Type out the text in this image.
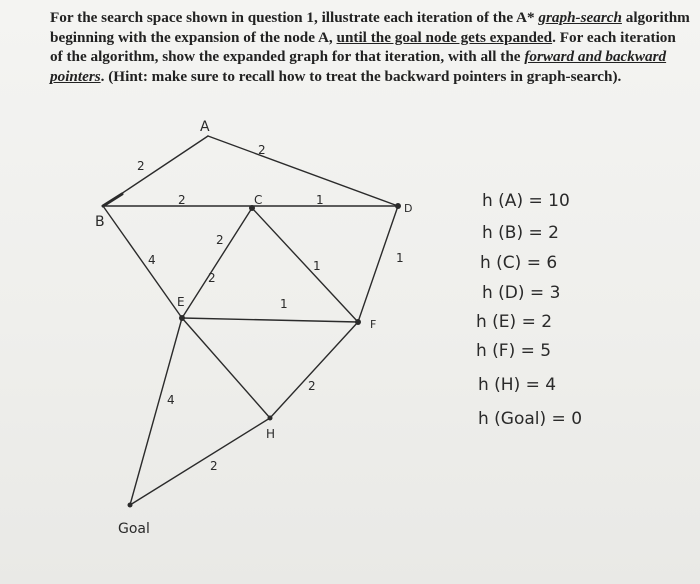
For the search space shown in question 1, illustrate each iteration of the A* graph-search algorithm beginning with the expansion of the node A, until the goal node gets expanded. For each iteration of the algorithm, show the expanded graph for that iteration, with all the forward and backward pointers. (Hint: make sure to recall how to treat the backward pointers in graph-search).
A
B
C
D
E
F
H
Goal
2
2
2	1
4
2
1
1
1
4
2
2
2
h (A) = 10
h (B) = 2
h (C) = 6
h (D) = 3
h (E) = 2
h (F) = 5
h (H) = 4
h (Goal) = 0
